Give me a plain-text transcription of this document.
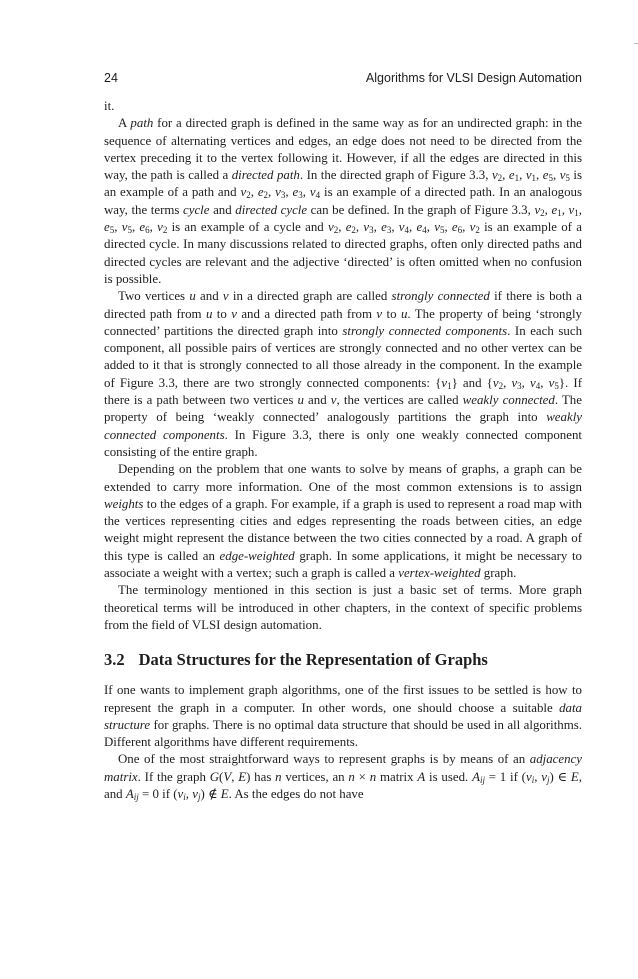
24	Algorithms for VLSI Design Automation

it.

A path for a directed graph is defined in the same way as for an undirected graph: in the sequence of alternating vertices and edges, an edge does not need to be directed from the vertex preceding it to the vertex following it. However, if all the edges are directed in this way, the path is called a directed path. In the directed graph of Figure 3.3, $v_2$, $e_1$, $v_1$, $e_5$, $v_5$ is an example of a path and $v_2$, $e_2$, $v_3$, $e_3$, $v_4$ is an example of a directed path. In an analogous way, the terms cycle and directed cycle can be defined. In the graph of Figure 3.3, $v_2$, $e_1$, $v_1$, $e_5$, $v_5$, $e_6$, $v_2$ is an example of a cycle and $v_2$, $e_2$, $v_3$, $e_3$, $v_4$, $e_4$, $v_5$, $e_6$, $v_2$ is an example of a directed cycle. In many discussions related to directed graphs, often only directed paths and directed cycles are relevant and the adjective ‘directed’ is often omitted when no confusion is possible.

Two vertices u and v in a directed graph are called strongly connected if there is both a directed path from u to v and a directed path from v to u. The property of being ‘strongly connected’ partitions the directed graph into strongly connected components. In each such component, all possible pairs of vertices are strongly connected and no other vertex can be added to it that is strongly connected to all those already in the component. In the example of Figure 3.3, there are two strongly connected components: $\{v_1\}$ and {$v_2$, $v_3$, $v_4$, $v_5$}. If there is a path between two vertices u and v, the vertices are called weakly connected. The property of being ‘weakly connected’ analogously partitions the graph into weakly connected components. In Figure 3.3, there is only one weakly connected component consisting of the entire graph.

Depending on the problem that one wants to solve by means of graphs, a graph can be extended to carry more information. One of the most common extensions is to assign weights to the edges of a graph. For example, if a graph is used to represent a road map with the vertices representing cities and edges representing the roads between cities, an edge weight might represent the distance between the two cities connected by a road. A graph of this type is called an edge-weighted graph. In some applications, it might be necessary to associate a weight with a vertex; such a graph is called a vertex-weighted graph.

The terminology mentioned in this section is just a basic set of terms. More graph theoretical terms will be introduced in other chapters, in the context of specific problems from the field of VLSI design automation.

3.2 Data Structures for the Representation of Graphs

If one wants to implement graph algorithms, one of the first issues to be settled is how to represent the graph in a computer. In other words, one should choose a suitable data structure for graphs. There is no optimal data structure that should be used in all algorithms. Different algorithms have different requirements.

One of the most straightforward ways to represent graphs is by means of an adjacency matrix. If the graph G(V, E) has n vertices, an n × n matrix A is used. $A_{ij} = 1$ if ($v_i$, $v_j$) ∈ E, and $A_{ij} = 0$ if ($v_i$, $v_j$) ∉ E. As the edges do not have
